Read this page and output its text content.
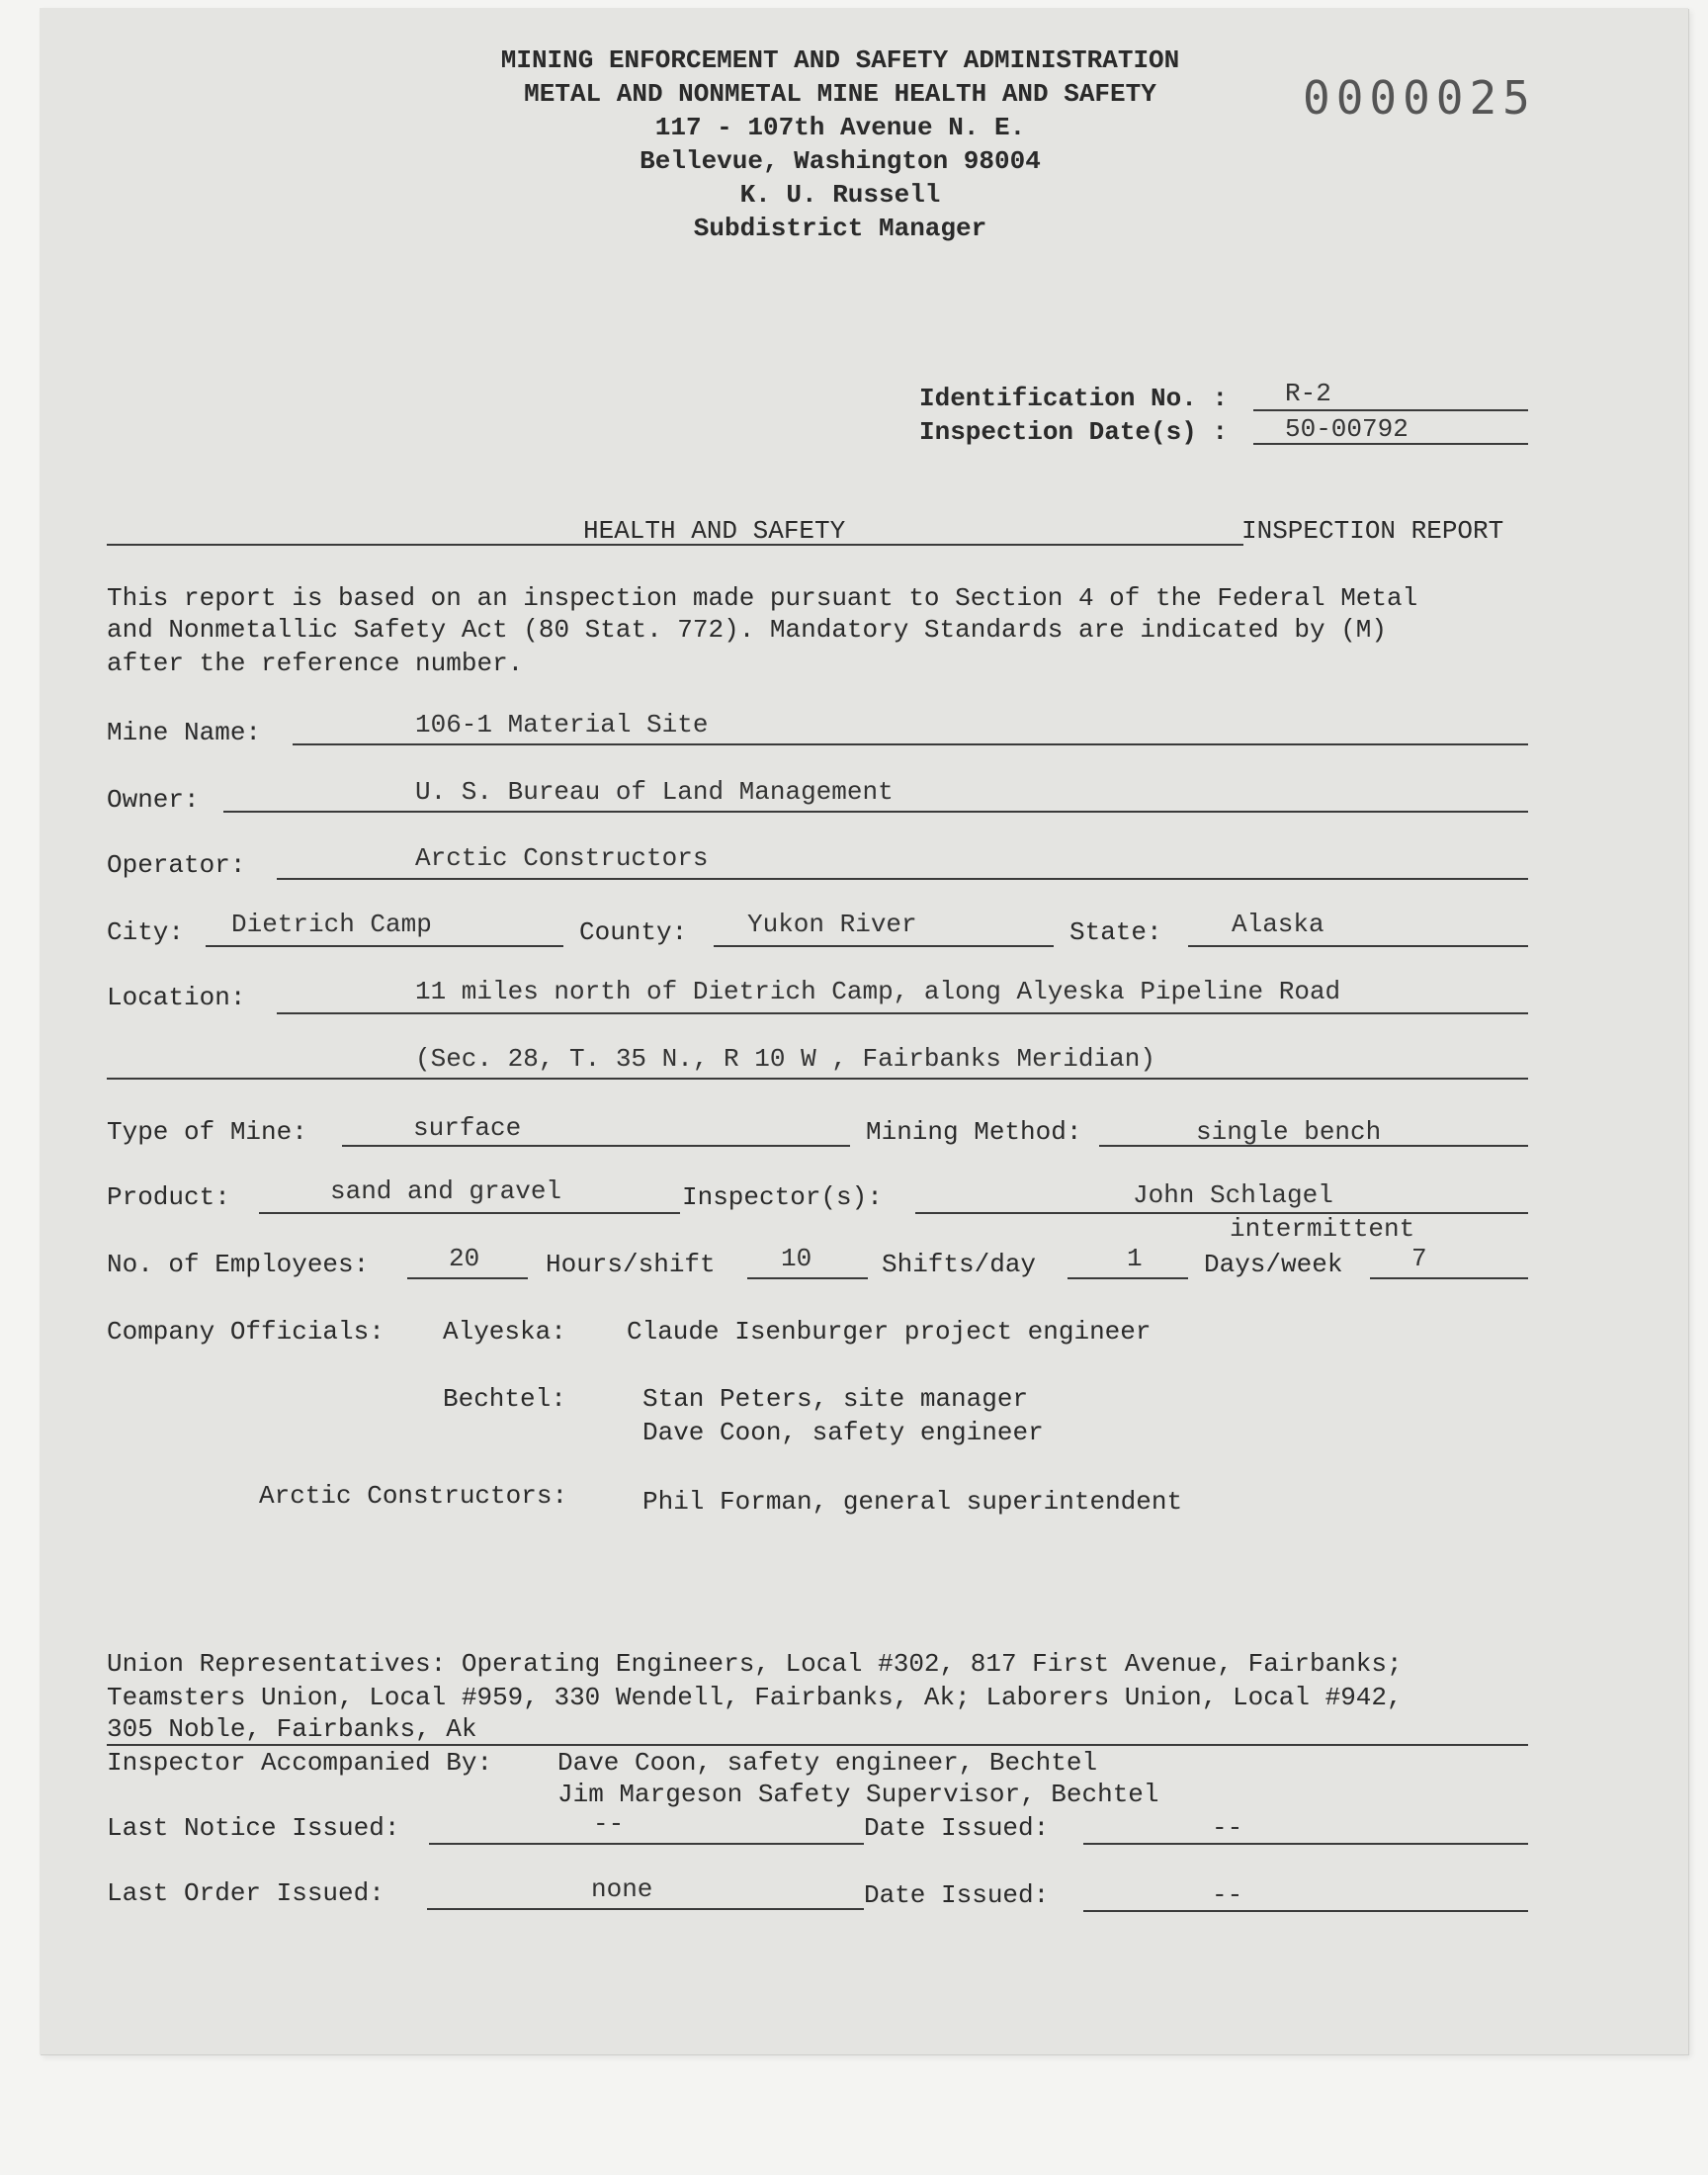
MINING ENFORCEMENT AND SAFETY ADMINISTRATION
METAL AND NONMETAL MINE HEALTH AND SAFETY
117 - 107th Avenue N. E.
Bellevue, Washington 98004
K. U. Russell
Subdistrict Manager
0000025
Identification No. : R-2
Inspection Date(s) : 50-00792
HEALTH AND SAFETY	INSPECTION REPORT
This report is based on an inspection made pursuant to Section 4 of the Federal Metal
and Nonmetallic Safety Act (80 Stat. 772). Mandatory Standards are indicated by (M)
after the reference number.
Mine Name:	106-1 Material Site
Owner:	U. S. Bureau of Land Management
Operator:	Arctic Constructors
City: Dietrich Camp	County: Yukon River	State:	Alaska
Location:	11 miles north of Dietrich Camp, along Alyeska Pipeline Road
(Sec. 28, T. 35 N., R 10 W , Fairbanks Meridian)
Type of Mine:	surface	Mining Method:	single bench
Product:	sand and gravel	Inspector(s):	John Schlagel
intermittent
No. of Employees:	20	Hours/shift	10	Shifts/day	1 Days/week	7
Company Officials: Alyeska: Claude Isenburger project engineer
Bechtel:	Stan Peters, site manager
Dave Coon, safety engineer
Arctic Constructors:	Phil Forman, general superintendent
Union Representatives: Operating Engineers, Local #302, 817 First Avenue, Fairbanks;
Teamsters Union, Local #959, 330 Wendell, Fairbanks, Ak; Laborers Union, Local #942,
305 Noble, Fairbanks, Ak
Inspector Accompanied By:	Dave Coon, safety engineer, Bechtel
Jim Margeson Safety Supervisor, Bechtel
Last Notice Issued:	--	Date Issued:	--
Last Order Issued:	none	Date Issued:	--
